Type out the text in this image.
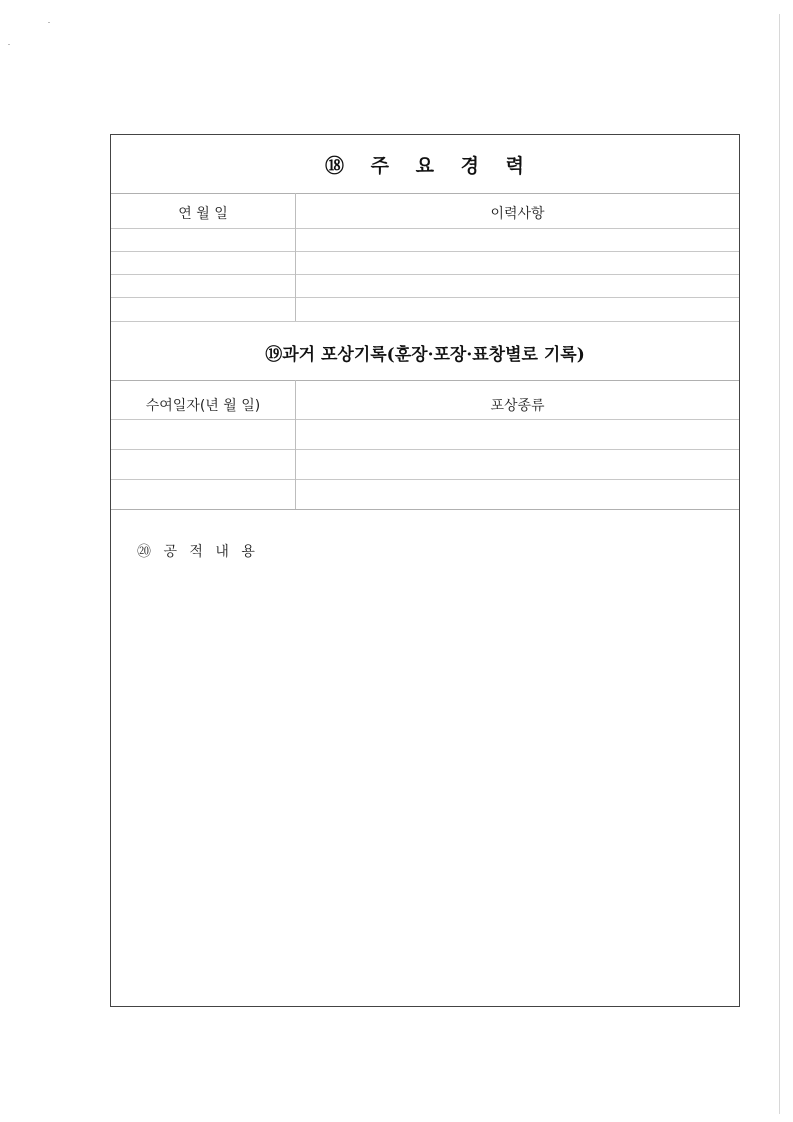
⑱ 주 요 경 력
연 월 일	이력사항
⑲과거 포상기록(훈장·포장·표창별로 기록)
수여일자(년 월 일)	포상종류
⑳ 공 적 내 용
